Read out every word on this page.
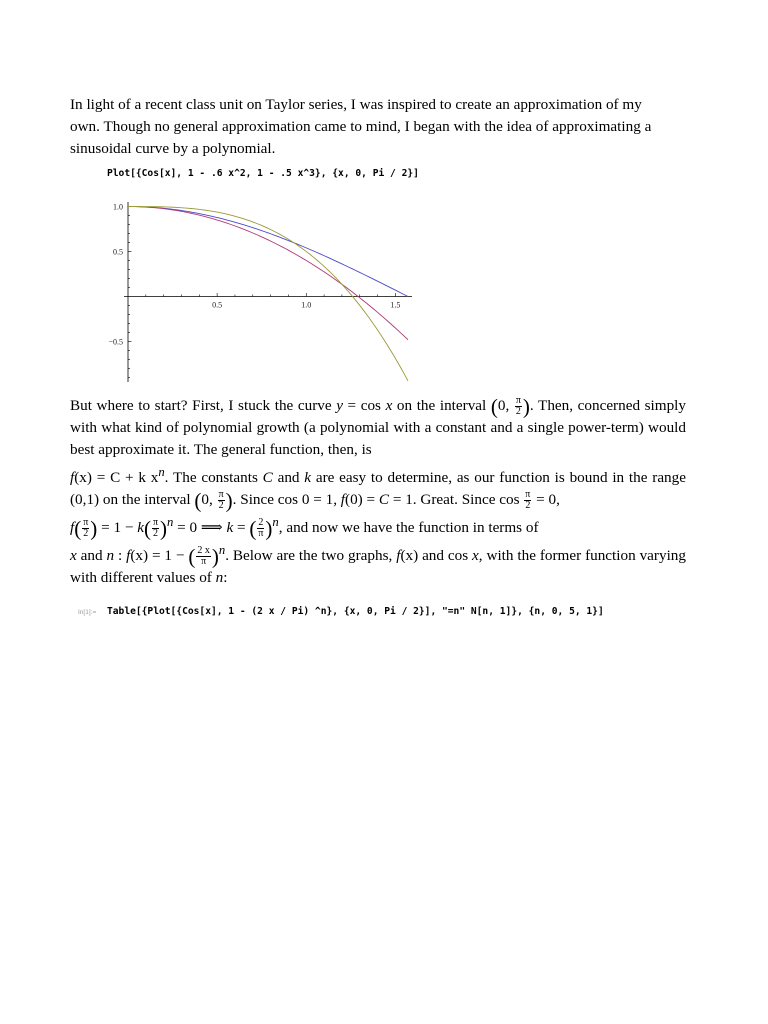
In light of a recent class unit on Taylor series, I was inspired to create an approximation of my
own. Though no general approximation came to mind, I began with the idea of approximating a
sinusoidal curve by a polynomial.

Plot[{Cos[x], 1 - .6 x^2, 1 - .5 x^3}, {x, 0, Pi / 2}]
0.5	1.0	1.5
1.0
0.5
−0.5

But where to start? First, I stuck the curve y = cos x on the interval (0, $\frac{\pi}{2}$ ). Then, concerned simply with what kind of polynomial growth (a polynomial with a constant and a single power-term) would best approximate it. The general function, then, is
f(x) = C + k $x^n$. The constants C and k are easy to determine, as our function is bound in the range (0,1) on the interval (0, $\frac{\pi}{2}$ ). Since cos 0 = 1, f(0) = C = 1. Great. Since $\cos \frac{\pi}{2} = 0$,
$f( \frac{\pi}{2}$ ) = $1 - k( \frac{\pi}{2} )^n = 0$ ⟹ k = ( $\frac{2}{\pi} )^n$, and now we have the function in terms of
x and n : f(x) = 1 − ( $\frac{2 x}{\pi} )^n$. Below are the two graphs, f(x) and cos x, with the former function varying with different values of n:

In[1]:= Table[{Plot[{Cos[x], 1 - (2 x / Pi) ^n}, {x, 0, Pi / 2}], "=n" N[n, 1]}, {n, 0, 5, 1}]
